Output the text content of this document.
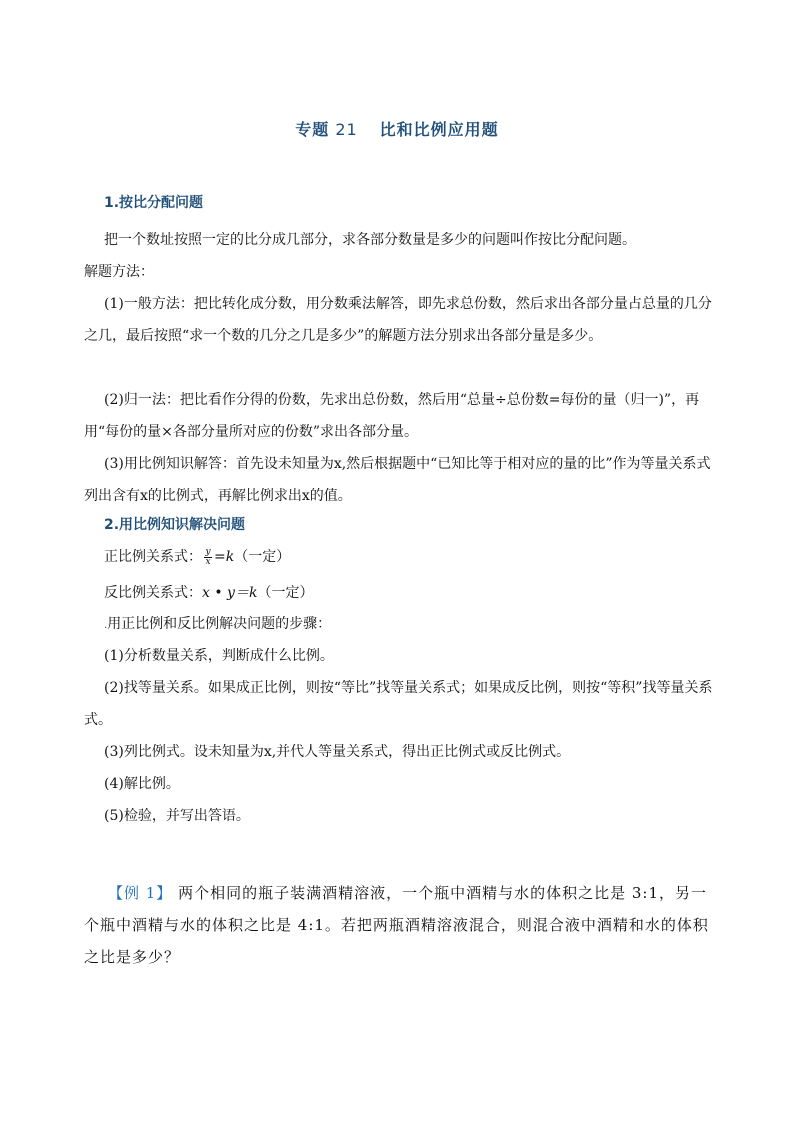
专题 21 比和比例应用题
1.按比分配问题
把一个数址按照一定的比分成几部分，求各部分数量是多少的问题叫作按比分配问题。
解题方法：
(1)一般方法：把比转化成分数，用分数乘法解答，即先求总份数，然后求出各部分量占总量的几分之几，最后按照“求一个数的几分之几是多少”的解题方法分别求出各部分量是多少。
(2)归一法：把比看作分得的份数，先求出总份数，然后用“总量÷总份数=每份的量（归一)”，再用“每份的量×各部分量所对应的份数”求出各部分量。
(3)用比例知识解答：首先设未知量为x,然后根据题中“已知比等于相对应的量的比”作为等量关系式列出含有x的比例式，再解比例求出x的值。
2.用比例知识解决问题
正比例关系式： $\frac{y}{x} =k$（一定）
反比例关系式：x • y＝k（一定）
.用正比例和反比例解决问题的步骤：
(1)分析数量关系，判断成什么比例。
(2)找等量关系。如果成正比例，则按“等比”找等量关系式；如果成反比例，则按“等积”找等量关系式。
(3)列比例式。设未知量为x,并代人等量关系式，得出正比例式或反比例式。
(4)解比例。
(5)检验，并写出答语。
【例 1】 两个相同的瓶子装满酒精溶液，一个瓶中酒精与水的体积之比是 3:1，另一个瓶中酒精与水的体积之比是 4:1。若把两瓶酒精溶液混合，则混合液中酒精和水的体积之比是多少？
